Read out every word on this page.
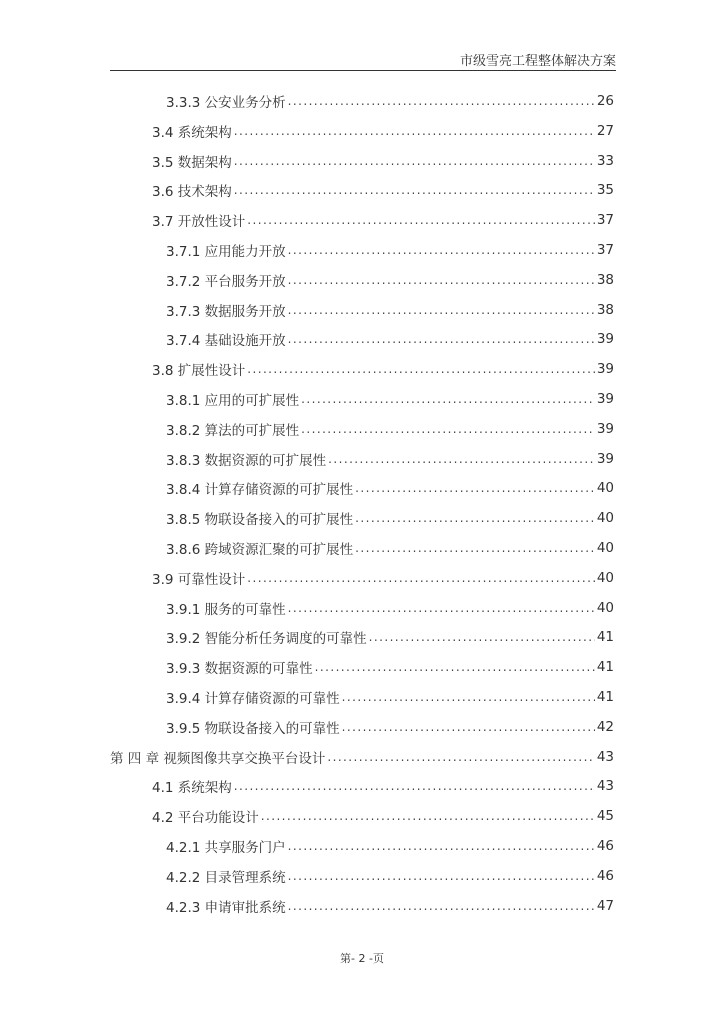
市级雪亮工程整体解决方案
3.3.3 公安业务分析 . . .	26
3.4 系统架构 . . .	27
3.5 数据架构 . . .	33
3.6 技术架构 . . .	35
3.7 开放性设计 . . .	37
3.7.1 应用能力开放 . . .	37
3.7.2 平台服务开放 . . .	38
3.7.3 数据服务开放 . . .	38
3.7.4 基础设施开放 . . .	39
3.8 扩展性设计 . . .	39
3.8.1 应用的可扩展性 . . .	39
3.8.2 算法的可扩展性 . . .	39
3.8.3 数据资源的可扩展性 . . .	39
3.8.4 计算存储资源的可扩展性 . . .	40
3.8.5 物联设备接入的可扩展性 . . .	40
3.8.6 跨域资源汇聚的可扩展性 . . .	40
3.9 可靠性设计 . . .	40
3.9.1 服务的可靠性 . . .	40
3.9.2 智能分析任务调度的可靠性 . . .	41
3.9.3 数据资源的可靠性 . . .	41
3.9.4 计算存储资源的可靠性 . . .	41
3.9.5 物联设备接入的可靠性 . . .	42
第 四 章 视频图像共享交换平台设计 . . .	43
4.1 系统架构 . . .	43
4.2 平台功能设计 . . .	45
4.2.1 共享服务门户 . . .	46
4.2.2 目录管理系统 . . .	46
4.2.3 申请审批系统 . . .	47
第- 2 -页
